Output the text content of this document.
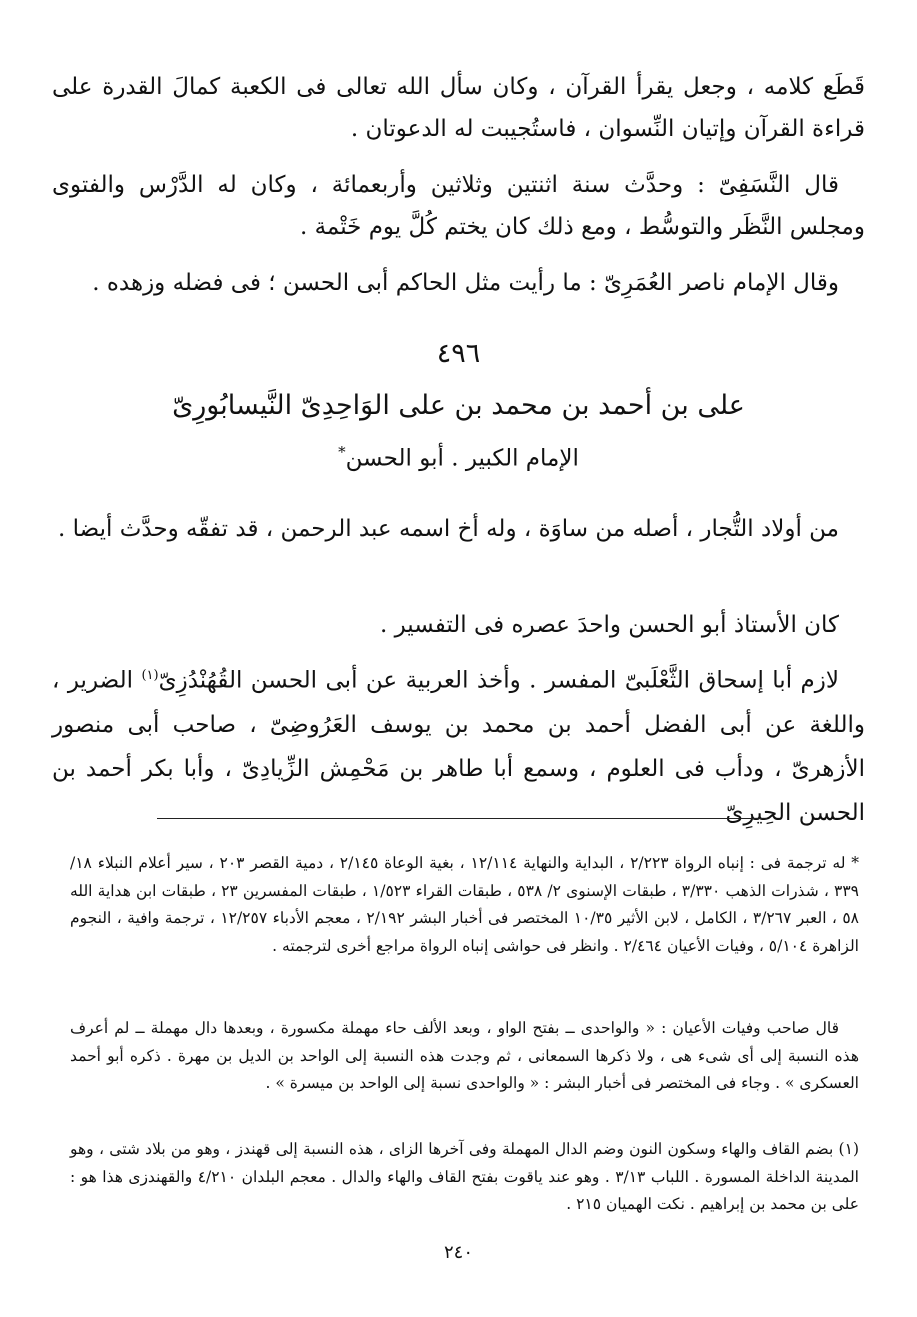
قَطَع كلامه ، وجعل يقرأ القرآن ، وكان سأل الله تعالى فى الكعبة كمالَ القدرة على قراءة القرآن وإتيان النِّسوان ، فاستُجيبت له الدعوتان .

قال النَّسَفِىّ : وحدَّث سنة اثنتين وثلاثين وأربعمائة ، وكان له الدَّرْس والفتوى ومجلس النَّظَر والتوسُّط ، ومع ذلك كان يختم كُلَّ يوم خَتْمة .

وقال الإمام ناصر العُمَرِىّ : ما رأيت مثل الحاكم أبى الحسن ؛ فى فضله وزهده .

٤٩٦

على بن أحمد بن محمد بن على الوَاحِدِىّ النَّيسابُورِىّ

الإمام الكبير . أبو الحسن*

من أولاد التُّجار ، أصله من ساوَة ، وله أخ اسمه عبد الرحمن ، قد تفقّه وحدَّث أيضا .

كان الأستاذ أبو الحسن واحدَ عصره فى التفسير .

لازم أبا إسحاق الثَّعْلَبىّ المفسر . وأخذ العربية عن أبى الحسن القُهُنْدُزِىّ$^{(١)}$ الضرير ، واللغة عن أبى الفضل أحمد بن محمد بن يوسف العَرُوضِىّ ، صاحب أبى منصور الأزهرىّ ، ودأب فى العلوم ، وسمع أبا طاهر بن مَحْمِش الزِّيادِىّ ، وأبا بكر أحمد بن الحسن الحِيرِىّ

* له ترجمة فى : إنباه الرواة ٢/٢٢٣ ، البداية والنهاية ١٢/١١٤ ، بغية الوعاة ٢/١٤٥ ، دمية القصر ٢٠٣ ، سير أعلام النبلاء ١٨/ ٣٣٩ ، شذرات الذهب ٣/٣٣٠ ، طبقات الإسنوى ٢/ ٥٣٨ ، طبقات القراء ١/٥٢٣ ، طبقات المفسرين ٢٣ ، طبقات ابن هداية الله ٥٨ ، العبر ٣/٢٦٧ ، الكامل ، لابن الأثير ١٠/٣٥ المختصر فى أخبار البشر ٢/١٩٢ ، معجم الأدباء ١٢/٢٥٧ ، ترجمة وافية ، النجوم الزاهرة ٥/١٠٤ ، وفيات الأعيان ٢/٤٦٤ . وانظر فى حواشى إنباه الرواة مراجع أخرى لترجمته .

قال صاحب وفيات الأعيان : « والواحدى ــ بفتح الواو ، وبعد الألف حاء مهملة مكسورة ، وبعدها دال مهملة ــ لم أعرف هذه النسبة إلى أى شىء هى ، ولا ذكرها السمعانى ، ثم وجدت هذه النسبة إلى الواحد بن الديل بن مهرة . ذكره أبو أحمد العسكرى » . وجاء فى المختصر فى أخبار البشر : « والواحدى نسبة إلى الواحد بن ميسرة » .

(١) بضم القاف والهاء وسكون النون وضم الدال المهملة وفى آخرها الزاى ، هذه النسبة إلى قهندز ، وهو من بلاد شتى ، وهو المدينة الداخلة المسورة . اللباب ٣/١٣ . وهو عند ياقوت بفتح القاف والهاء والدال . معجم البلدان ٤/٢١٠ والقهندزى هذا هو : على بن محمد بن إبراهيم . نكت الهميان ٢١٥ .

٢٤٠
